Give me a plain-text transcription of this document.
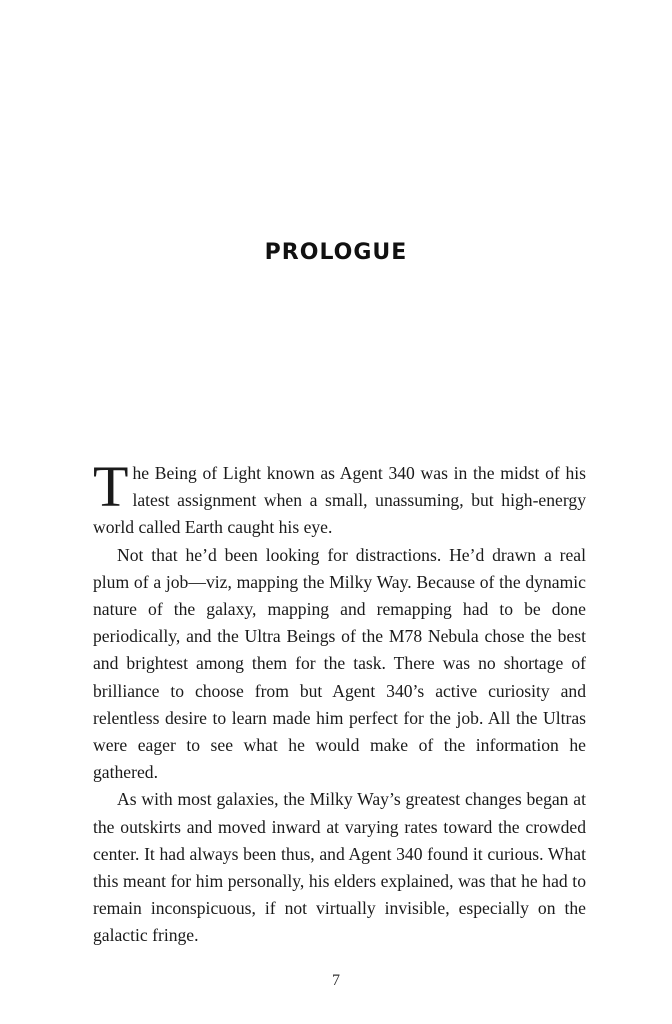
PROLOGUE

The Being of Light known as Agent 340 was in the midst of his latest assignment when a small, unassuming, but high-energy world called Earth caught his eye.

Not that he’d been looking for distractions. He’d drawn a real plum of a job—viz, mapping the Milky Way. Because of the dynamic nature of the galaxy, mapping and remapping had to be done periodically, and the Ultra Beings of the M78 Nebula chose the best and brightest among them for the task. There was no shortage of brilliance to choose from but Agent 340’s active curiosity and relentless desire to learn made him perfect for the job. All the Ultras were eager to see what he would make of the information he gathered.

As with most galaxies, the Milky Way’s greatest changes began at the outskirts and moved inward at varying rates toward the crowded center. It had always been thus, and Agent 340 found it curious. What this meant for him personally, his elders explained, was that he had to remain inconspicuous, if not virtually invisible, especially on the galactic fringe.

7
